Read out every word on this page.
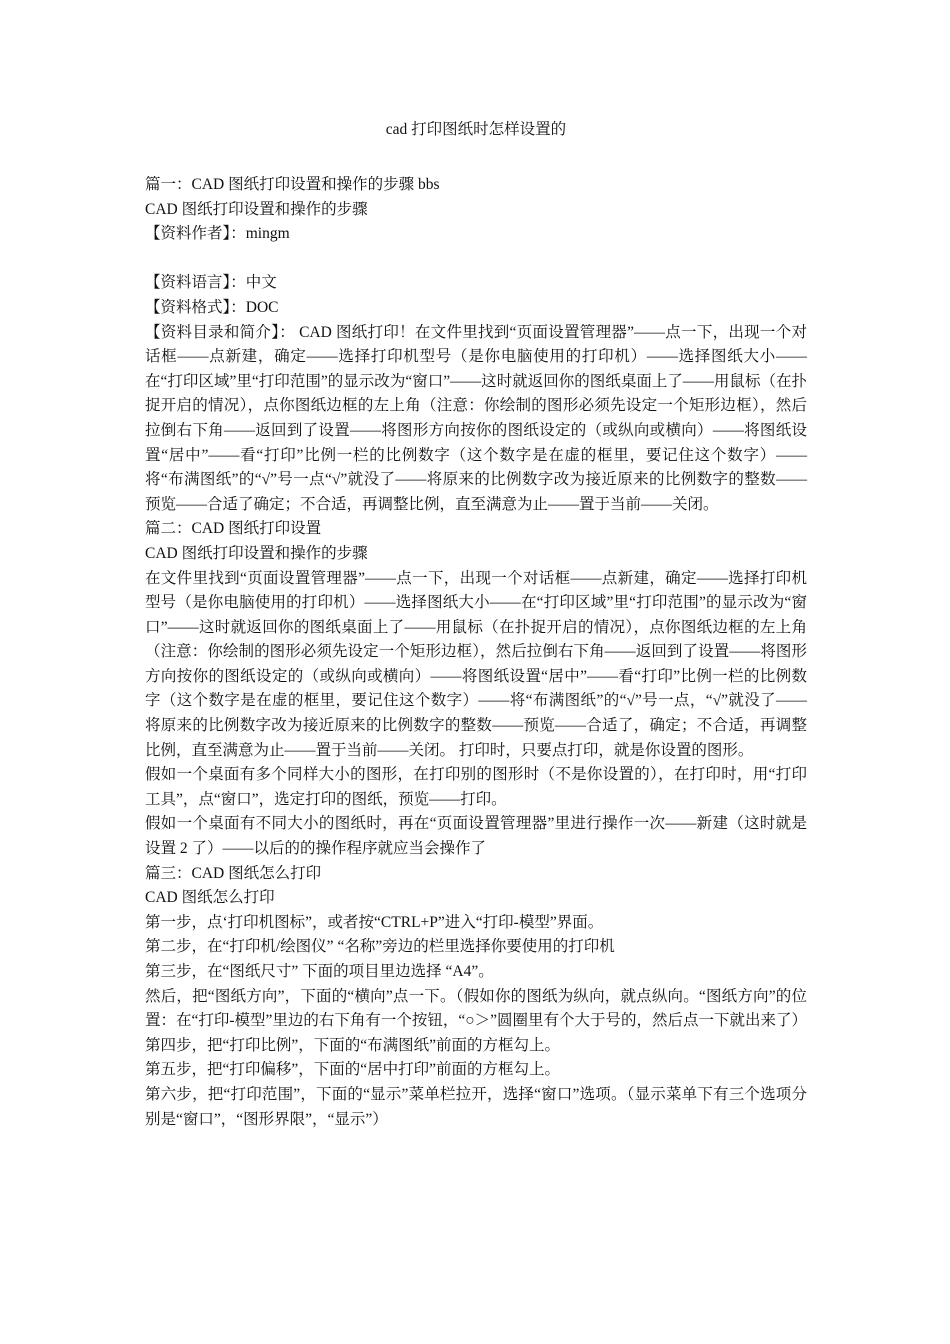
cad 打印图纸时怎样设置的

篇一：CAD 图纸打印设置和操作的步骤 bbs

CAD 图纸打印设置和操作的步骤

【资料作者】：mingm

【资料语言】：中文

【资料格式】：DOC

【资料目录和简介】： CAD 图纸打印！在文件里找到“页面设置管理器”——点一下，出现一个对话框——点新建，确定——选择打印机型号（是你电脑使用的打印机）——选择图纸大小——在“打印区域”里“打印范围”的显示改为“窗口”——这时就返回你的图纸桌面上了——用鼠标（在扑捉开启的情况），点你图纸边框的左上角（注意：你绘制的图形必须先设定一个矩形边框），然后拉倒右下角——返回到了设置——将图形方向按你的图纸设定的（或纵向或横向）——将图纸设置“居中”——看“打印”比例一栏的比例数字（这个数字是在虚的框里，要记住这个数字）——将“布满图纸”的“√”号一点“√”就没了——将原来的比例数字改为接近原来的比例数字的整数——预览——合适了确定；不合适，再调整比例，直至满意为止——置于当前——关闭。

篇二：CAD 图纸打印设置

CAD 图纸打印设置和操作的步骤

在文件里找到“页面设置管理器”——点一下，出现一个对话框——点新建，确定——选择打印机型号（是你电脑使用的打印机）——选择图纸大小——在“打印区域”里“打印范围”的显示改为“窗口”——这时就返回你的图纸桌面上了——用鼠标（在扑捉开启的情况），点你图纸边框的左上角（注意：你绘制的图形必须先设定一个矩形边框），然后拉倒右下角——返回到了设置——将图形方向按你的图纸设定的（或纵向或横向）——将图纸设置“居中”——看“打印”比例一栏的比例数字（这个数字是在虚的框里，要记住这个数字）——将“布满图纸”的“√”号一点，“√”就没了——将原来的比例数字改为接近原来的比例数字的整数——预览——合适了，确定；不合适，再调整比例，直至满意为止——置于当前——关闭。 打印时，只要点打印，就是你设置的图形。

假如一个桌面有多个同样大小的图形，在打印别的图形时（不是你设置的），在打印时，用“打印工具”，点“窗口”，选定打印的图纸，预览——打印。

假如一个桌面有不同大小的图纸时，再在“页面设置管理器”里进行操作一次——新建（这时就是设置 2 了）——以后的的操作程序就应当会操作了

篇三：CAD 图纸怎么打印

CAD 图纸怎么打印

第一步，点‘打印机图标”，或者按“CTRL+P”进入“打印-模型”界面。

第二步，在“打印机/绘图仪” “名称”旁边的栏里选择你要使用的打印机

第三步，在“图纸尺寸” 下面的项目里边选择 “A4”。

然后，把“图纸方向”，下面的“横向”点一下。（假如你的图纸为纵向，就点纵向。“图纸方向”的位置：在“打印-模型”里边的右下角有一个按钮，“○＞”圆圈里有个大于号的，然后点一下就出来了）

第四步，把“打印比例”，下面的“布满图纸”前面的方框勾上。

第五步，把“打印偏移”，下面的“居中打印”前面的方框勾上。

第六步，把“打印范围”，下面的“显示”菜单栏拉开，选择“窗口”选项。（显示菜单下有三个选项分别是“窗口”，“图形界限”，“显示”）
